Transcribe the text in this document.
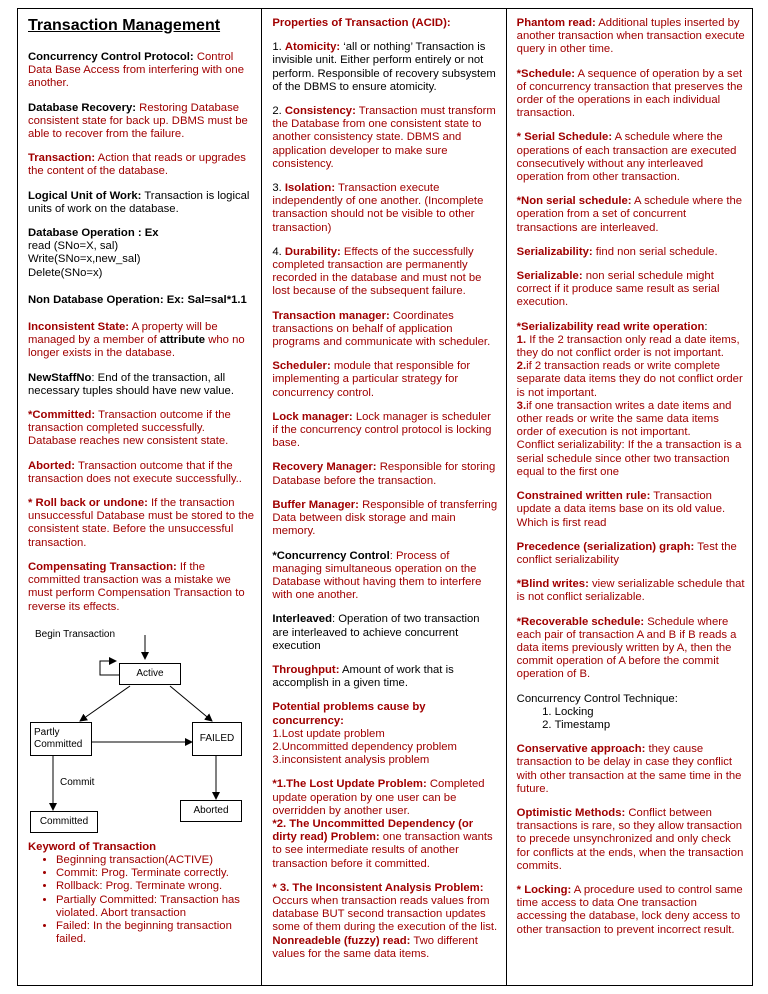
Transaction Management
Concurrency Control Protocol: Control Data Base Access from interfering with one another.
Database Recovery: Restoring Database consistent state for back up. DBMS must be able to recover from the failure.
Transaction: Action that reads or upgrades the content of the database.
Logical Unit of Work: Transaction is logical units of work on the database.
Database Operation : Ex
read (SNo=X, sal)
Write(SNo=x,new_sal)
Delete(SNo=x)
Non Database Operation: Ex: Sal=sal*1.1
Inconsistent State: A property will be managed by a member of attribute who no longer exists in the database.
NewStaffNo: End of the transaction, all necessary tuples should have new value.
*Committed: Transaction outcome if the transaction completed successfully. Database reaches new consistent state.
Aborted: Transaction outcome that if the transaction does not execute successfully..
* Roll back or undone: If the transaction unsuccessful Database must be stored to the consistent state. Before the unsuccessful transaction.
Compensating Transaction: If the committed transaction was a mistake we must perform Compensation Transaction to reverse its effects.
Begin Transaction
Active
Partly Committed
FAILED
Commit
Committed
Aborted
Keyword of Transaction
• Beginning transaction(ACTIVE)
• Commit: Prog. Terminate correctly.
• Rollback: Prog. Terminate wrong.
• Partially Committed: Transaction has violated. Abort transaction
• Failed: In the beginning transaction failed.
Properties of Transaction (ACID):
1. Atomicity: ‘all or nothing’ Transaction is invisible unit. Either perform entirely or not perform. Responsible of recovery subsystem of the DBMS to ensure atomicity.
2. Consistency: Transaction must transform the Database from one consistent state to another consistency state. DBMS and application developer to make sure consistency.
3. Isolation: Transaction execute independently of one another. (Incomplete transaction should not be visible to other transaction)
4. Durability: Effects of the successfully completed transaction are permanently recorded in the database and must not be lost because of the subsequent failure.
Transaction manager: Coordinates transactions on behalf of application programs and communicate with scheduler.
Scheduler: module that responsible for implementing a particular strategy for concurrency control.
Lock manager: Lock manager is scheduler if the concurrency control protocol is locking base.
Recovery Manager: Responsible for storing Database before the transaction.
Buffer Manager: Responsible of transferring Data between disk storage and main memory.
*Concurrency Control: Process of managing simultaneous operation on the Database without having them to interfere with one another.
Interleaved: Operation of two transaction are interleaved to achieve concurrent execution
Throughput: Amount of work that is accomplish in a given time.
Potential problems cause by concurrency:
1.Lost update problem
2.Uncommitted dependency problem
3.inconsistent analysis problem
*1.The Lost Update Problem: Completed update operation by one user can be overridden by another user.
*2. The Uncommitted Dependency (or dirty read) Problem: one transaction wants to see intermediate results of another transaction before it committed.
* 3. The Inconsistent Analysis Problem: Occurs when transaction reads values from database BUT second transaction updates some of them during the execution of the list.
Nonreadeble (fuzzy) read: Two different values for the same data items.
Phantom read: Additional tuples inserted by another transaction when transaction execute query in other time.
*Schedule: A sequence of operation by a set of concurrency transaction that preserves the order of the operations in each individual transaction.
* Serial Schedule: A schedule where the operations of each transaction are executed consecutively without any interleaved operation from other transaction.
*Non serial schedule: A schedule where the operation from a set of concurrent transactions are interleaved.
Serializability: find non serial schedule.
Serializable: non serial schedule might correct if it produce same result as serial execution.
*Serializability read write operation:
1. If the 2 transaction only read a date items, they do not conflict order is not important.
2.if 2 transaction reads or write complete separate data items they do not conflict order is not important.
3.if one transaction writes a date items and other reads or write the same data items order of execution is not important.
Conflict serializability: If the a transaction is a serial schedule since other two transaction equal to the first one
Constrained written rule: Transaction update a data items base on its old value. Which is first read
Precedence (serialization) graph: Test the conflict serializability
*Blind writes: view serializable schedule that is not conflict serializable.
*Recoverable schedule: Schedule where each pair of transaction A and B if B reads a data items previously written by A, then the commit operation of A before the commit operation of B.
Concurrency Control Technique:
1. Locking
2. Timestamp
Conservative approach: they cause transaction to be delay in case they conflict with other transaction at the same time in the future.
Optimistic Methods: Conflict between transactions is rare, so they allow transaction to precede unsynchronized and only check for conflicts at the ends, when the transaction commits.
* Locking: A procedure used to control same time access to data One transaction accessing the database, lock deny access to other transaction to prevent incorrect result.
